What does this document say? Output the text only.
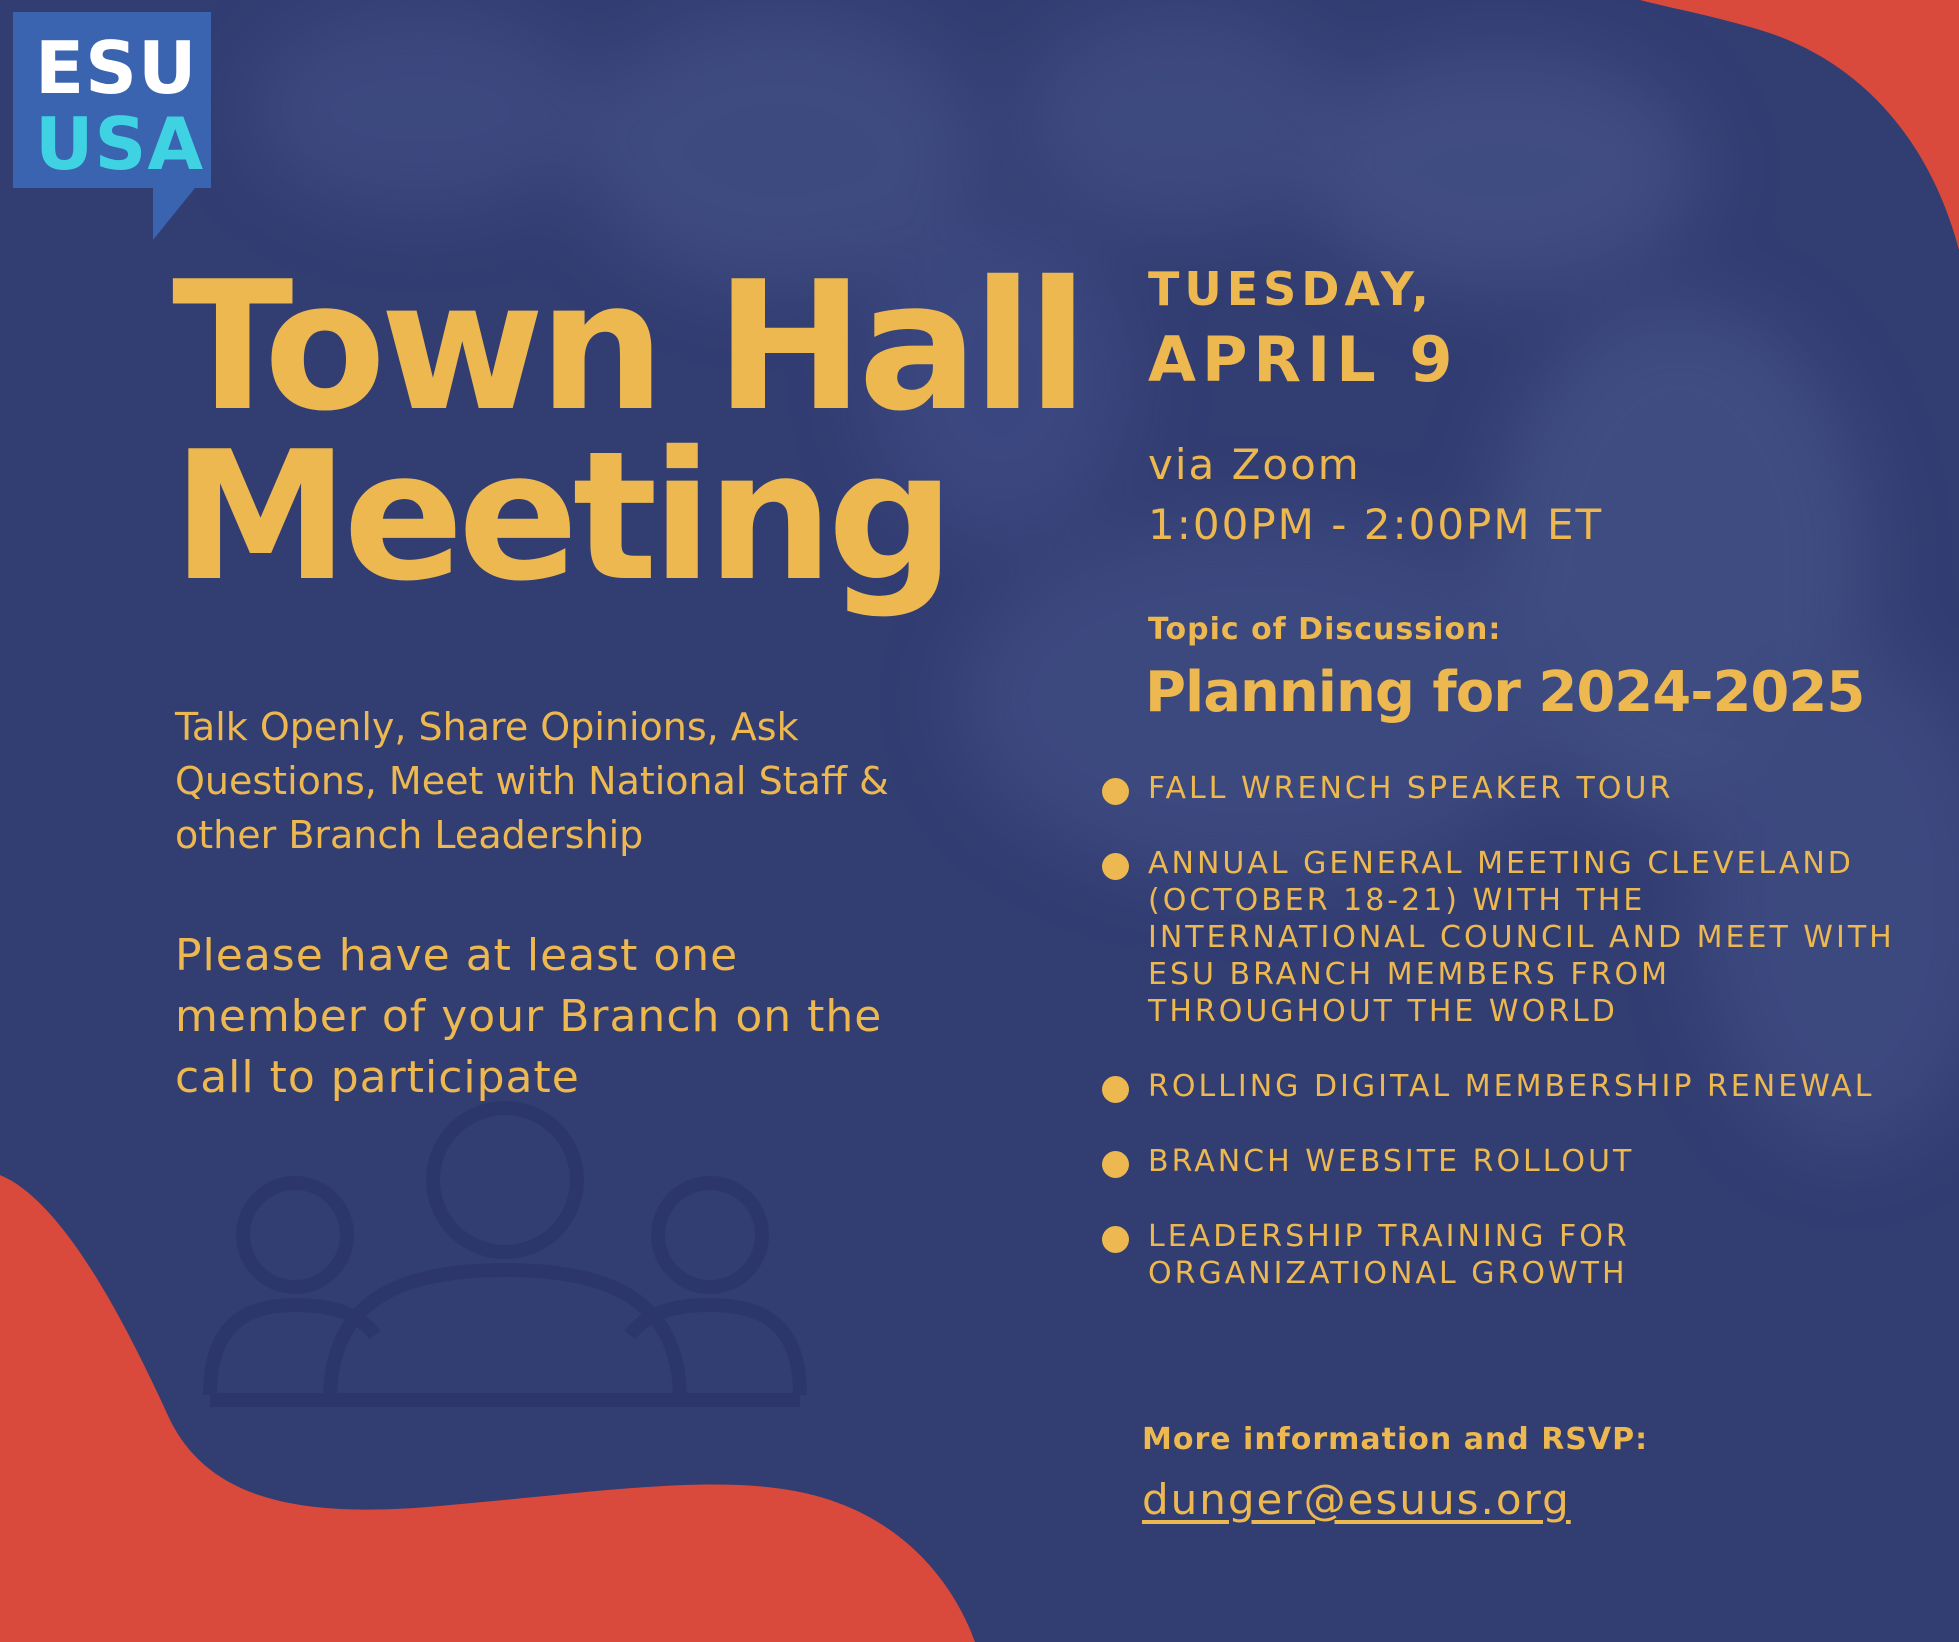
ESU
USA
Town Hall
Meeting

Talk Openly, Share Opinions, Ask Questions, Meet with National Staff & other Branch Leadership

Please have at least one member of your Branch on the call to participate

TUESDAY,
APRIL 9
via Zoom
1:00PM - 2:00PM ET
Topic of Discussion:
Planning for 2024-2025
FALL WRENCH SPEAKER TOUR
ANNUAL GENERAL MEETING CLEVELAND (OCTOBER 18-21) WITH THE INTERNATIONAL COUNCIL AND MEET WITH ESU BRANCH MEMBERS FROM THROUGHOUT THE WORLD
ROLLING DIGITAL MEMBERSHIP RENEWAL
BRANCH WEBSITE ROLLOUT
LEADERSHIP TRAINING FOR ORGANIZATIONAL GROWTH
More information and RSVP:
dunger@esuus.org
